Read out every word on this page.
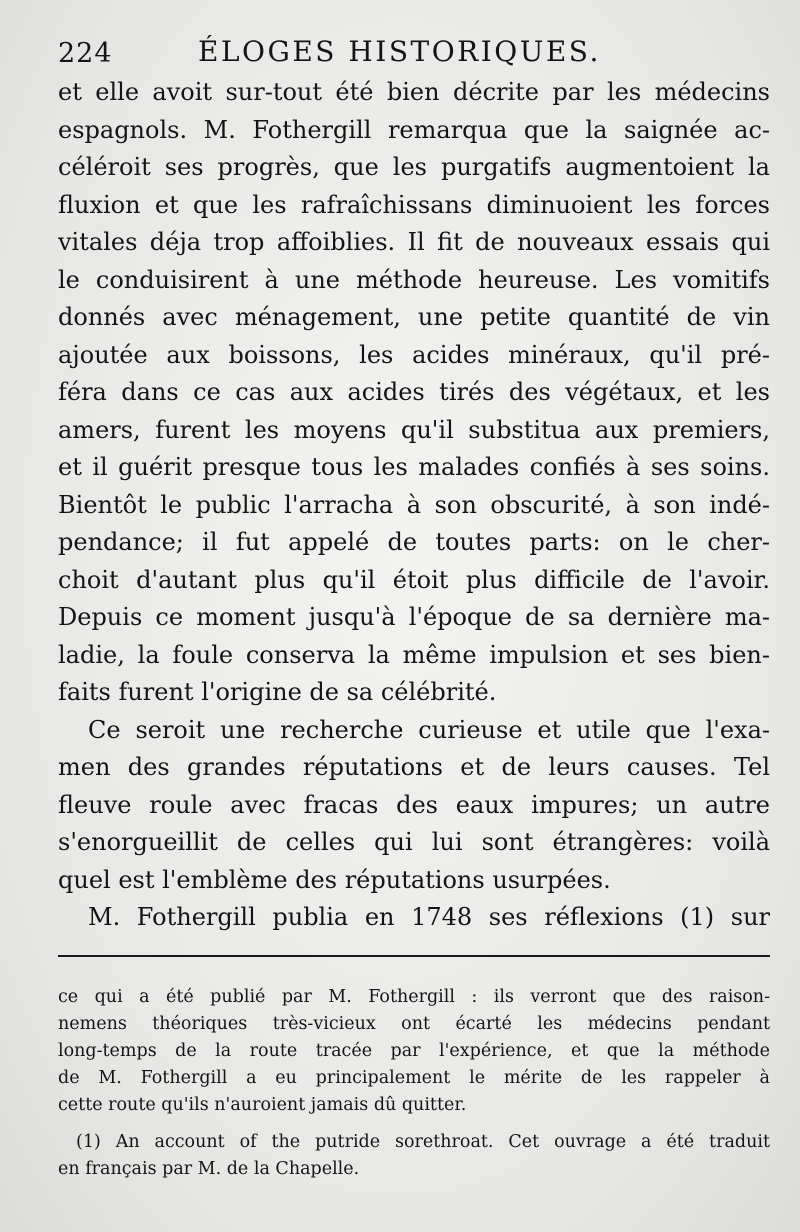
224	ÉLOGES HISTORIQUES.
et elle avoit sur-tout été bien décrite par les médecins
espagnols. M. Fothergill remarqua que la saignée ac-
céléroit ses progrès, que les purgatifs augmentoient la
fluxion et que les rafraîchissans diminuoient les forces
vitales déja trop affoiblies. Il fit de nouveaux essais qui
le conduisirent à une méthode heureuse. Les vomitifs
donnés avec ménagement, une petite quantité de vin
ajoutée aux boissons, les acides minéraux, qu'il pré-
féra dans ce cas aux acides tirés des végétaux, et les
amers, furent les moyens qu'il substitua aux premiers,
et il guérit presque tous les malades confiés à ses soins.
Bientôt le public l'arracha à son obscurité, à son indé-
pendance; il fut appelé de toutes parts: on le cher-
choit d'autant plus qu'il étoit plus difficile de l'avoir.
Depuis ce moment jusqu'à l'époque de sa dernière ma-
ladie, la foule conserva la même impulsion et ses bien-
faits furent l'origine de sa célébrité.
Ce seroit une recherche curieuse et utile que l'exa-
men des grandes réputations et de leurs causes. Tel
fleuve roule avec fracas des eaux impures; un autre
s'enorgueillit de celles qui lui sont étrangères: voilà
quel est l'emblème des réputations usurpées.
M. Fothergill publia en 1748 ses réflexions (1) sur
ce qui a été publié par M. Fothergill : ils verront que des raison-
nemens théoriques très-vicieux ont écarté les médecins pendant
long-temps de la route tracée par l'expérience, et que la méthode
de M. Fothergill a eu principalement le mérite de les rappeler à
cette route qu'ils n'auroient jamais dû quitter.
(1) An account of the putride sorethroat. Cet ouvrage a été traduit
en français par M. de la Chapelle.
